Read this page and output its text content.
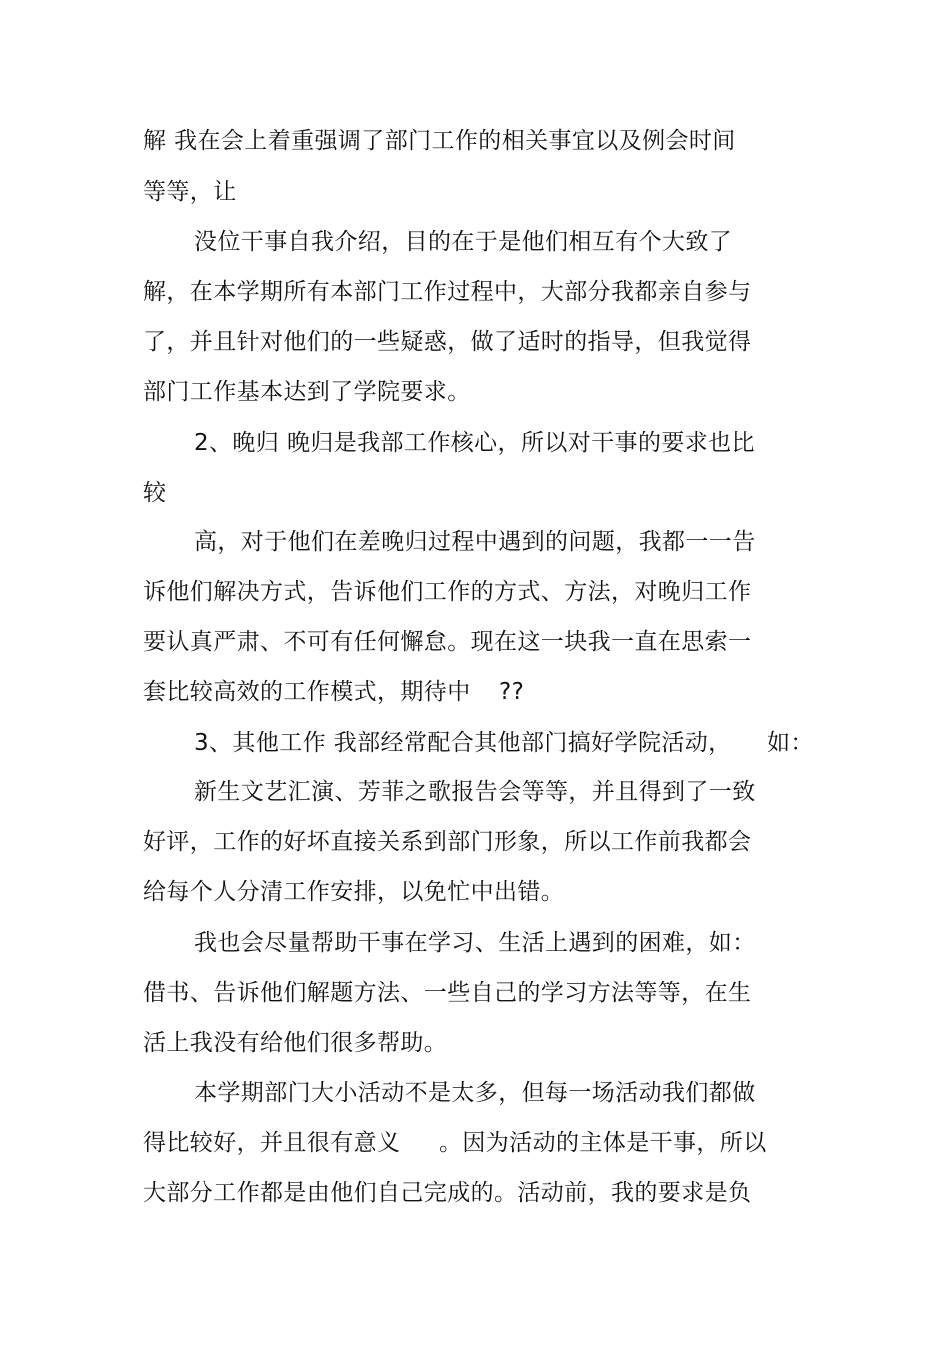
解 我在会上着重强调了部门工作的相关事宜以及例会时间
等等，让
没位干事自我介绍，目的在于是他们相互有个大致了
解，在本学期所有本部门工作过程中，大部分我都亲自参与
了，并且针对他们的一些疑惑，做了适时的指导，但我觉得
部门工作基本达到了学院要求。
2、晚归 晚归是我部工作核心，所以对干事的要求也比
较
高，对于他们在差晚归过程中遇到的问题，我都一一告
诉他们解决方式，告诉他们工作的方式、方法，对晚归工作
要认真严肃、不可有任何懈怠。现在这一块我一直在思索一
套比较高效的工作模式，期待中 ??
3、其他工作 我部经常配合其他部门搞好学院活动， 如：
新生文艺汇演、芳菲之歌报告会等等，并且得到了一致
好评，工作的好坏直接关系到部门形象，所以工作前我都会
给每个人分清工作安排，以免忙中出错。
我也会尽量帮助干事在学习、生活上遇到的困难，如：
借书、告诉他们解题方法、一些自己的学习方法等等，在生
活上我没有给他们很多帮助。
本学期部门大小活动不是太多，但每一场活动我们都做
得比较好，并且很有意义 。因为活动的主体是干事，所以
大部分工作都是由他们自己完成的。活动前，我的要求是负
